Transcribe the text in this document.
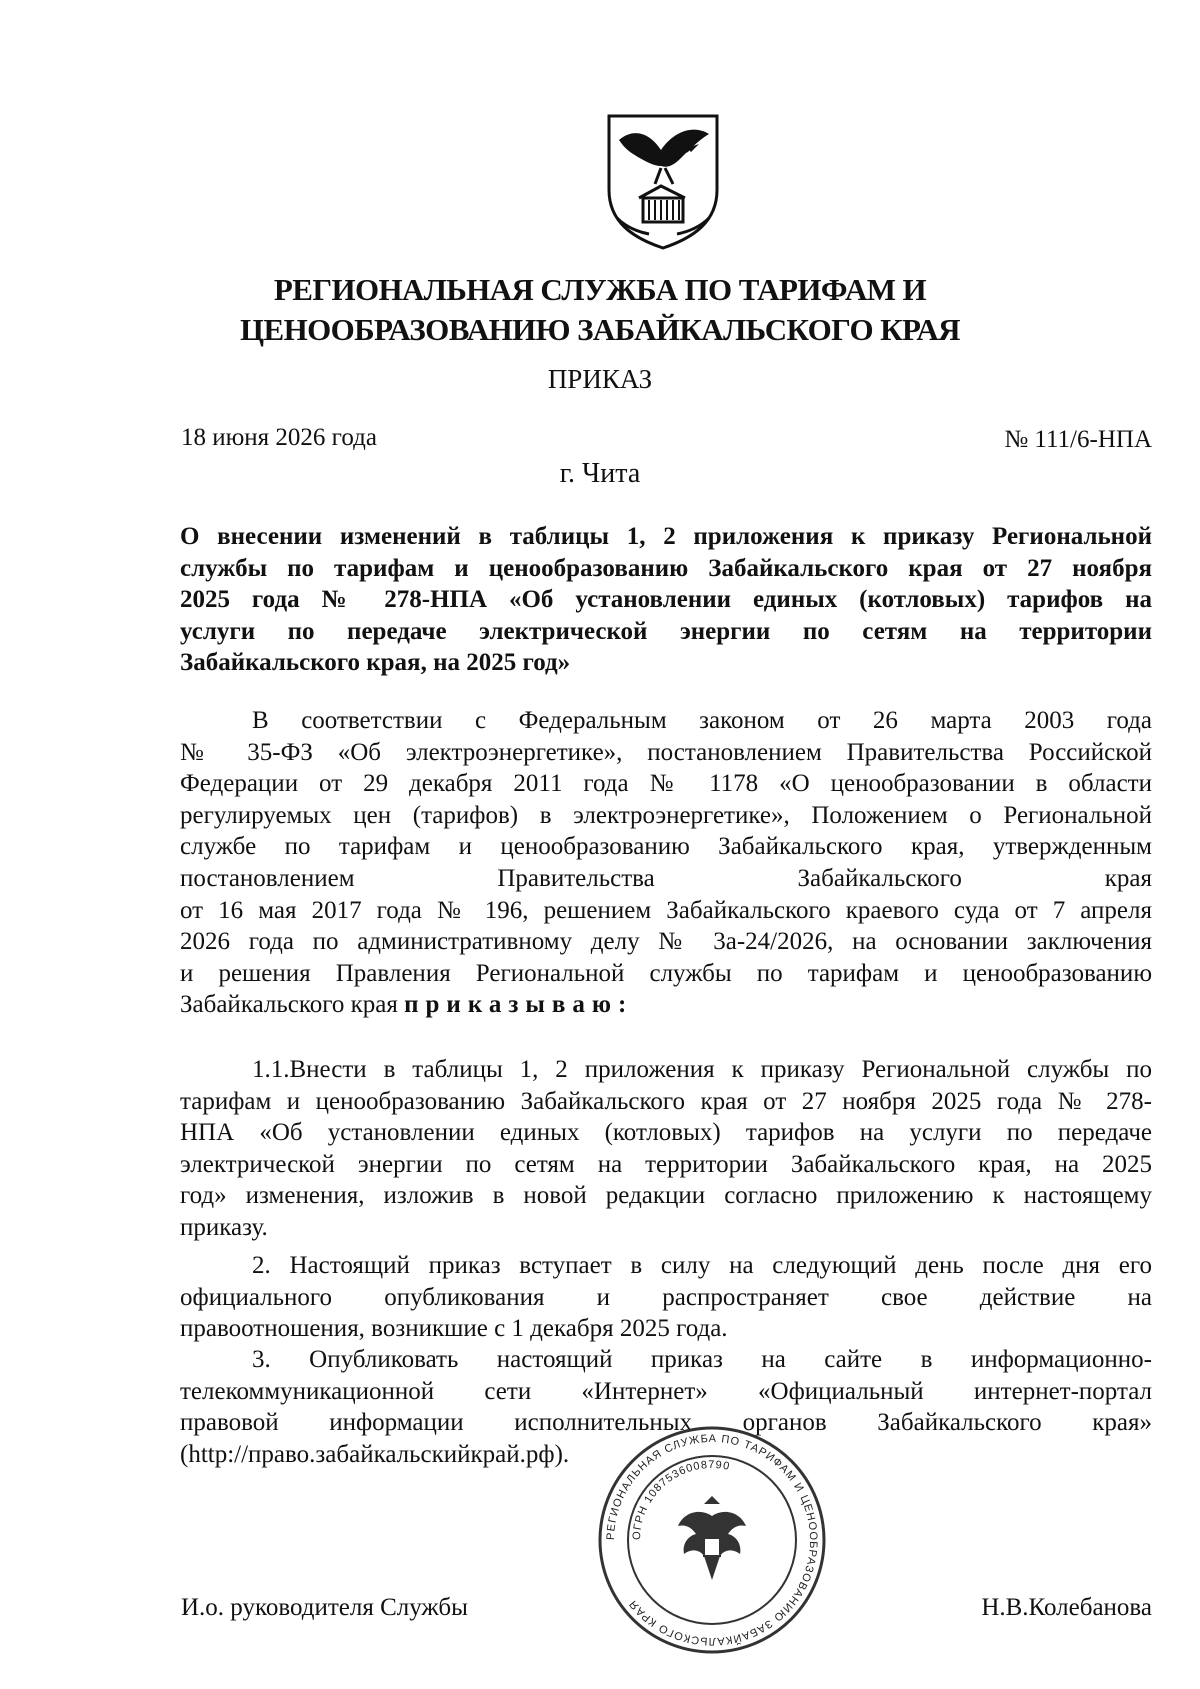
РЕГИОНАЛЬНАЯ СЛУЖБА ПО ТАРИФАМ И
ЦЕНООБРАЗОВАНИЮ ЗАБАЙКАЛЬСКОГО КРАЯ
ПРИКАЗ
18 июня 2026 года	№ 111/6-НПА
г. Чита
О внесении изменений в таблицы 1, 2 приложения к приказу Региональной
службы по тарифам и ценообразованию Забайкальского края от 27 ноября
2025 года № 278-НПА «Об установлении единых (котловых) тарифов на
услуги по передаче электрической энергии по сетям на территории
Забайкальского края, на 2025 год»
В соответствии с Федеральным законом от 26 марта 2003 года
№ 35-ФЗ «Об электроэнергетике», постановлением Правительства Российской
Федерации от 29 декабря 2011 года № 1178 «О ценообразовании в области
регулируемых цен (тарифов) в электроэнергетике», Положением о Региональной
службе по тарифам и ценообразованию Забайкальского края, утвержденным
постановлением Правительства Забайкальского края
от 16 мая 2017 года № 196, решением Забайкальского краевого суда от 7 апреля
2026 года по административному делу № 3а-24/2026, на основании заключения
и решения Правления Региональной службы по тарифам и ценообразованию
Забайкальского края приказываю:
1.1.Внести в таблицы 1, 2 приложения к приказу Региональной службы по
тарифам и ценообразованию Забайкальского края от 27 ноября 2025 года № 278-
НПА «Об установлении единых (котловых) тарифов на услуги по передаче
электрической энергии по сетям на территории Забайкальского края, на 2025
год» изменения, изложив в новой редакции согласно приложению к настоящему
приказу.
2. Настоящий приказ вступает в силу на следующий день после дня его
официального опубликования и распространяет свое действие на
правоотношения, возникшие с 1 декабря 2025 года.
3. Опубликовать настоящий приказ на сайте в информационно-
телекоммуникационной сети «Интернет» «Официальный интернет-портал
правовой информации исполнительных органов Забайкальского края»
(http://право.забайкальскийкрай.рф).
РЕГИОНАЛЬНАЯ СЛУЖБА ПО ТАРИФАМ И ЦЕНООБРАЗОВАНИЮ ЗАБАЙКАЛЬСКОГО КРАЯ
ОГРН 1087536008790
И.о. руководителя Службы	Н.В.Колебанова
